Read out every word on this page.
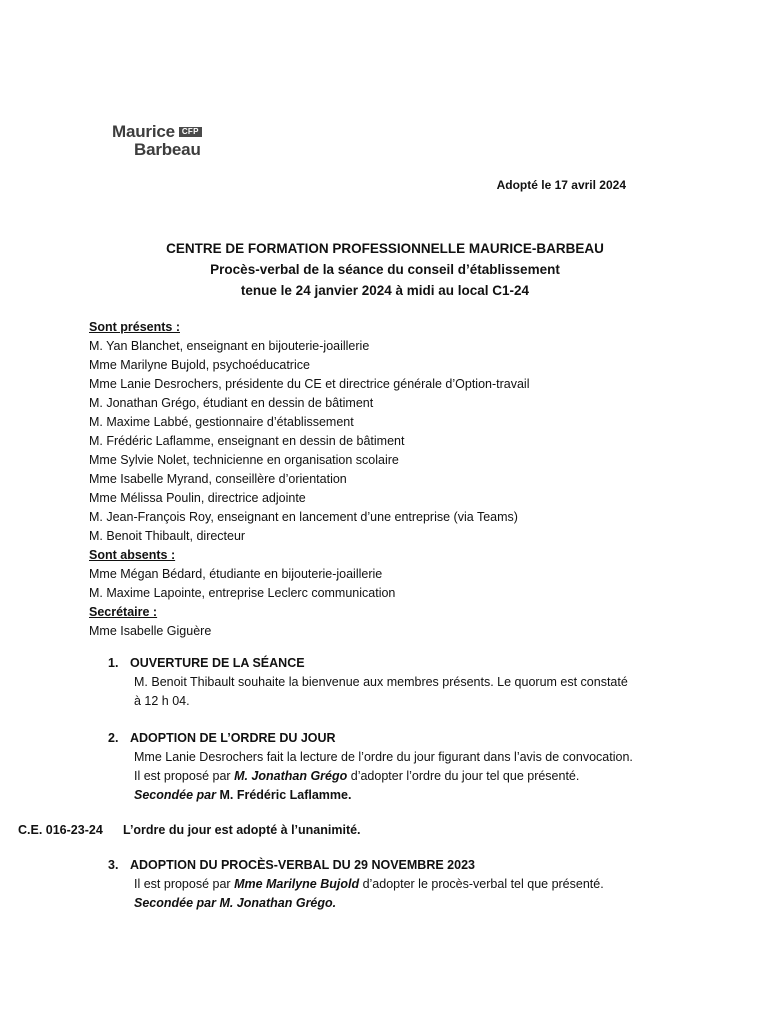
Maurice CFP
Barbeau
Adopté le 17 avril 2024
CENTRE DE FORMATION PROFESSIONNELLE MAURICE-BARBEAU
Procès-verbal de la séance du conseil d’établissement
tenue le 24 janvier 2024 à midi au local C1-24
Sont présents :
M. Yan Blanchet, enseignant en bijouterie-joaillerie
Mme Marilyne Bujold, psychoéducatrice
Mme Lanie Desrochers, présidente du CE et directrice générale d’Option-travail
M. Jonathan Grégo, étudiant en dessin de bâtiment
M. Maxime Labbé, gestionnaire d’établissement
M. Frédéric Laflamme, enseignant en dessin de bâtiment
Mme Sylvie Nolet, technicienne en organisation scolaire
Mme Isabelle Myrand, conseillère d’orientation
Mme Mélissa Poulin, directrice adjointe
M. Jean-François Roy, enseignant en lancement d’une entreprise (via Teams)
M. Benoit Thibault, directeur
Sont absents :
Mme Mégan Bédard, étudiante en bijouterie-joaillerie
M. Maxime Lapointe, entreprise Leclerc communication
Secrétaire :
Mme Isabelle Giguère
1. OUVERTURE DE LA SÉANCE
M. Benoit Thibault souhaite la bienvenue aux membres présents. Le quorum est constaté
à 12 h 04.
2. ADOPTION DE L’ORDRE DU JOUR
Mme Lanie Desrochers fait la lecture de l’ordre du jour figurant dans l’avis de convocation.
Il est proposé par M. Jonathan Grégo d’adopter l’ordre du jour tel que présenté.
Secondée par M. Frédéric Laflamme.
C.E. 016-23-24 L’ordre du jour est adopté à l’unanimité.
3. ADOPTION DU PROCÈS-VERBAL DU 29 NOVEMBRE 2023
Il est proposé par Mme Marilyne Bujold d’adopter le procès-verbal tel que présenté.
Secondée par M. Jonathan Grégo.
